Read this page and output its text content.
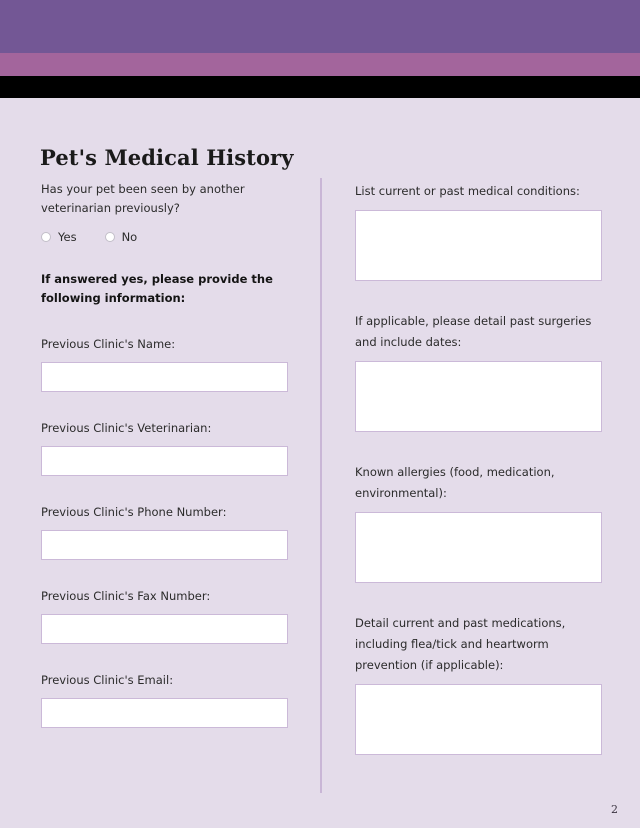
Pet's Medical History

Has your pet been seen by another veterinarian previously?

Yes	No

If answered yes, please provide the following information:

Previous Clinic's Name:
Previous Clinic's Veterinarian:
Previous Clinic's Phone Number:
Previous Clinic's Fax Number:
Previous Clinic's Email:
List current or past medical conditions:
If applicable, please detail past surgeries and include dates:
Known allergies (food, medication, environmental):
Detail current and past medications, including flea/tick and heartworm prevention (if applicable):
2
